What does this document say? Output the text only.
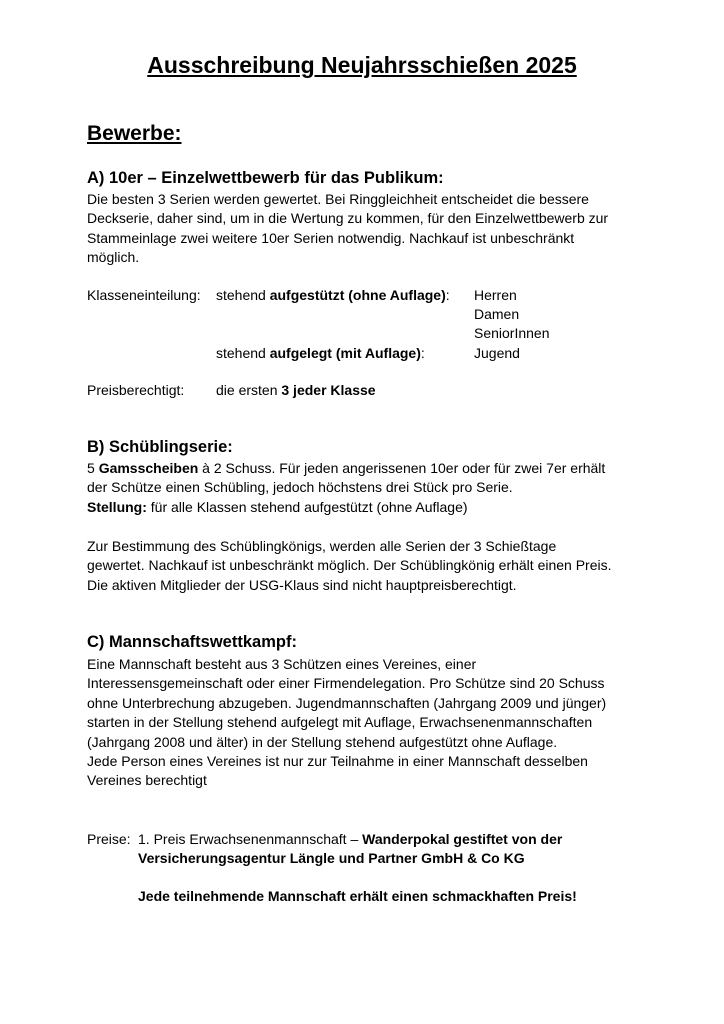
Ausschreibung Neujahrsschießen 2025
Bewerbe:
A) 10er – Einzelwettbewerb für das Publikum:
Die besten 3 Serien werden gewertet. Bei Ringgleichheit entscheidet die bessere
Deckserie, daher sind, um in die Wertung zu kommen, für den Einzelwettbewerb zur
Stammeinlage zwei weitere 10er Serien notwendig. Nachkauf ist unbeschränkt
möglich.
Klasseneinteilung: stehend aufgestützt (ohne Auflage): Herren
Damen
SeniorInnen
stehend aufgelegt (mit Auflage):	Jugend
Preisberechtigt: die ersten 3 jeder Klasse
B) Schüblingserie:
5 Gamsscheiben à 2 Schuss. Für jeden angerissenen 10er oder für zwei 7er erhält
der Schütze einen Schübling, jedoch höchstens drei Stück pro Serie.
Stellung: für alle Klassen stehend aufgestützt (ohne Auflage)
Zur Bestimmung des Schüblingkönigs, werden alle Serien der 3 Schießtage
gewertet. Nachkauf ist unbeschränkt möglich. Der Schüblingkönig erhält einen Preis.
Die aktiven Mitglieder der USG-Klaus sind nicht hauptpreisberechtigt.
C) Mannschaftswettkampf:
Eine Mannschaft besteht aus 3 Schützen eines Vereines, einer
Interessensgemeinschaft oder einer Firmendelegation. Pro Schütze sind 20 Schuss
ohne Unterbrechung abzugeben. Jugendmannschaften (Jahrgang 2009 und jünger)
starten in der Stellung stehend aufgelegt mit Auflage, Erwachsenenmannschaften
(Jahrgang 2008 und älter) in der Stellung stehend aufgestützt ohne Auflage.
Jede Person eines Vereines ist nur zur Teilnahme in einer Mannschaft desselben
Vereines berechtigt
Preise: 1. Preis Erwachsenenmannschaft – Wanderpokal gestiftet von der
Versicherungsagentur Längle und Partner GmbH & Co KG
Jede teilnehmende Mannschaft erhält einen schmackhaften Preis!
